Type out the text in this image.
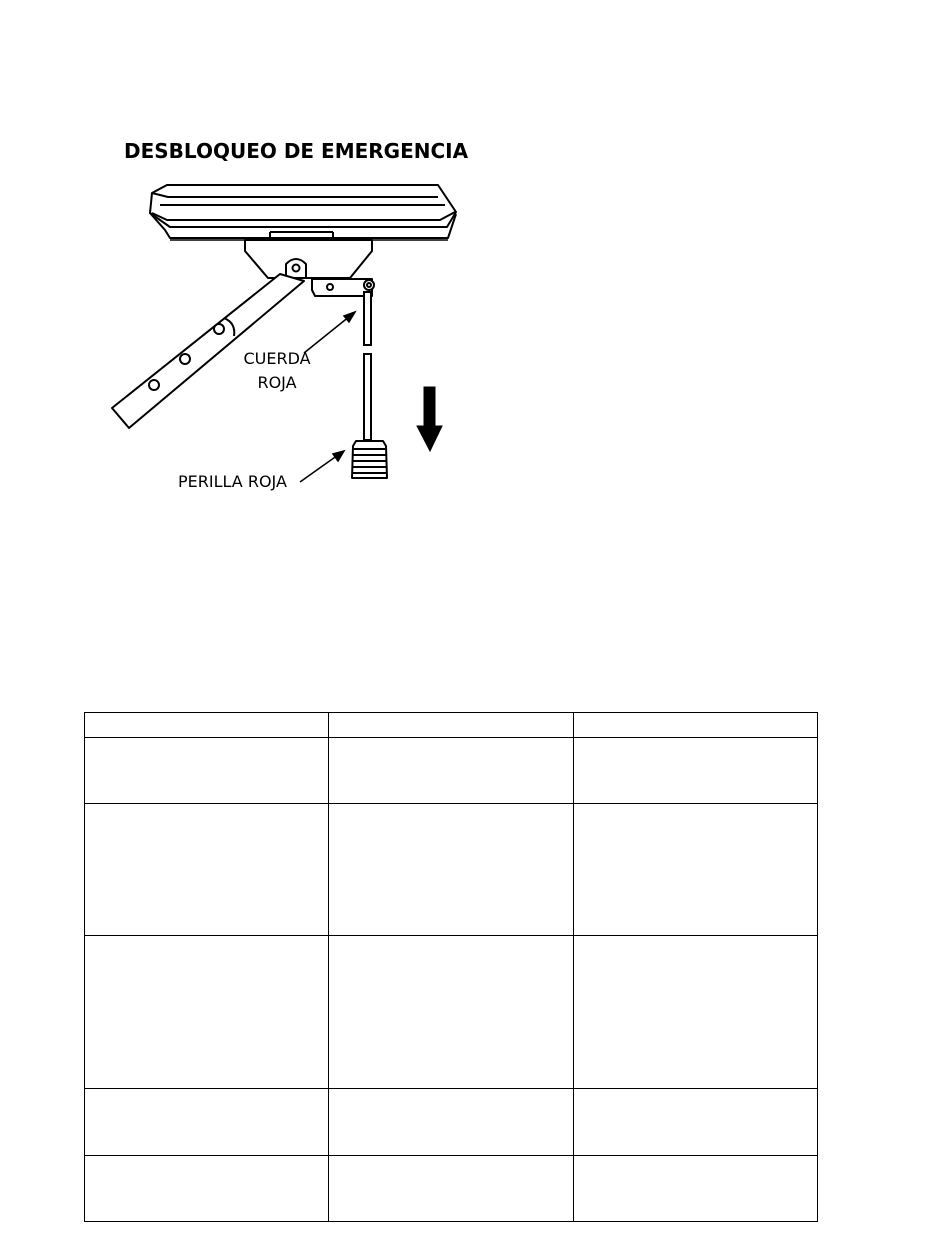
DESBLOQUEO DE EMERGENCIA
CUERDA
ROJA
PERILLA ROJA
